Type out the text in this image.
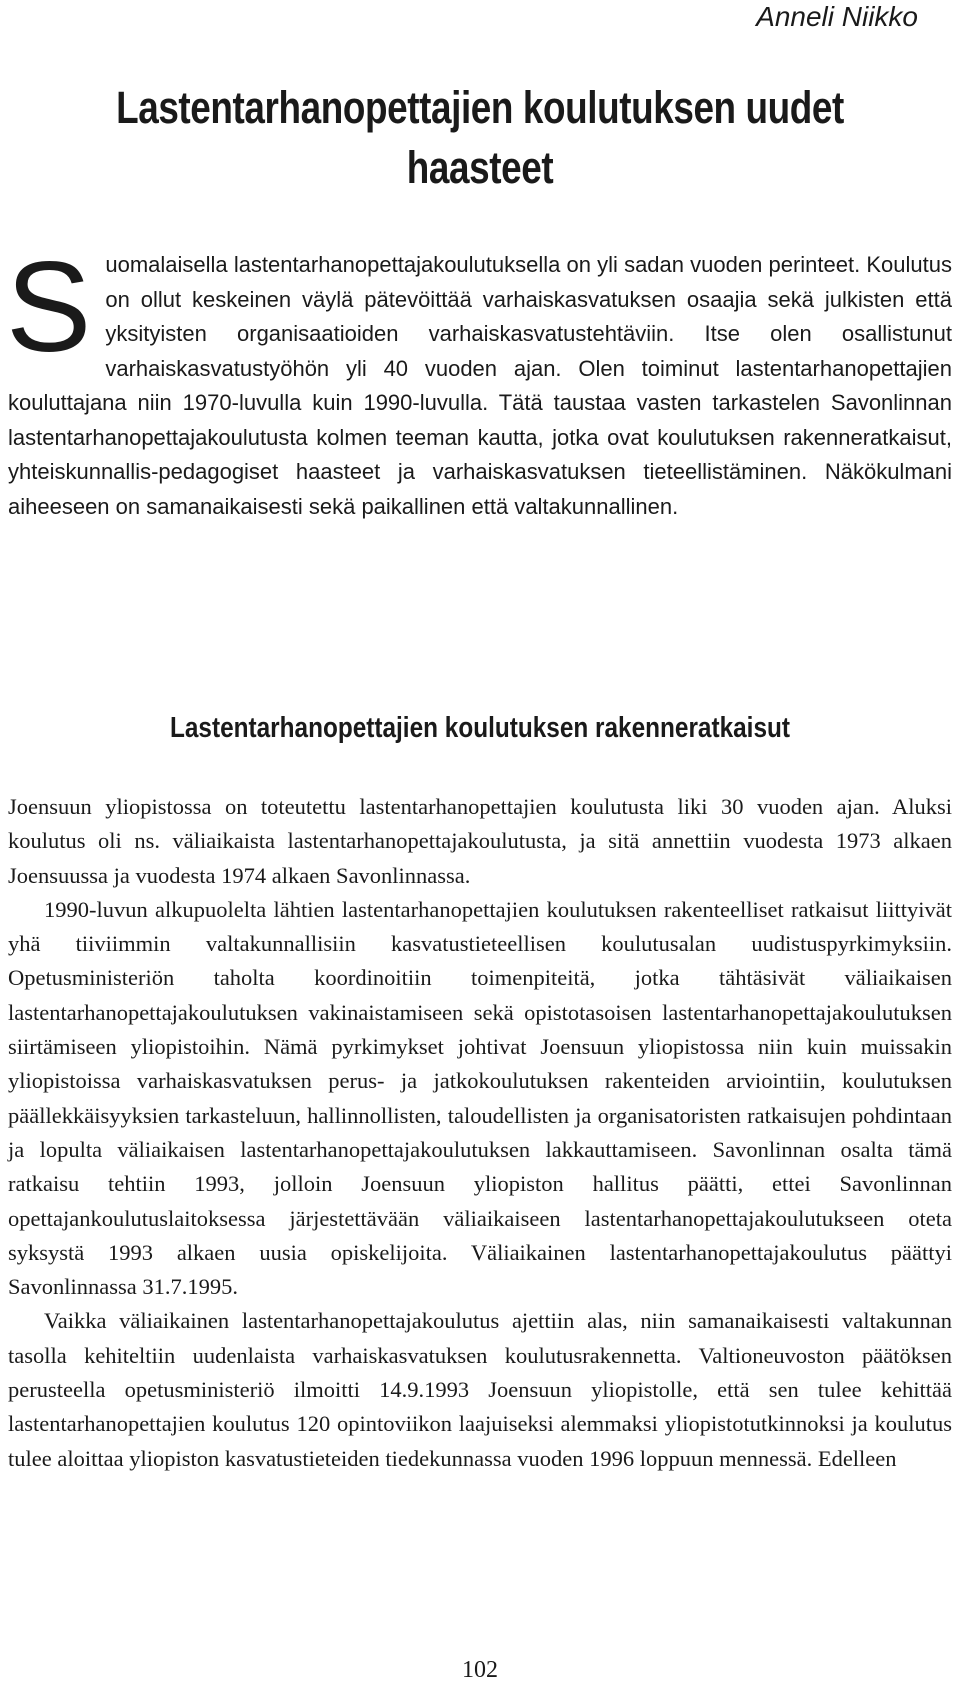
Anneli Niikko

Lastentarhanopettajien koulutuksen uudet haasteet

Suomalaisella lastentarhanopettajakoulutuksella on yli sadan vuoden perinteet. Koulutus on ollut keskeinen väylä pätevöittää varhaiskasvatuksen osaajia sekä julkisten että yksityisten organisaatioiden varhaiskasvatustehtäviin. Itse olen osallistunut varhaiskasvatustyöhön yli 40 vuoden ajan. Olen toiminut lastentarhanopettajien kouluttajana niin 1970-luvulla kuin 1990-luvulla. Tätä taustaa vasten tarkastelen Savonlinnan lastentarhanopettajakoulutusta kolmen teeman kautta, jotka ovat koulutuksen rakenneratkaisut, yhteiskunnallis-pedagogiset haasteet ja varhaiskasvatuksen tieteellistäminen. Näkökulmani aiheeseen on samanaikaisesti sekä paikallinen että valtakunnallinen.

Lastentarhanopettajien koulutuksen rakenneratkaisut

Joensuun yliopistossa on toteutettu lastentarhanopettajien koulutusta liki 30 vuoden ajan. Aluksi koulutus oli ns. väliaikaista lastentarhanopettajakoulutusta, ja sitä annettiin vuodesta 1973 alkaen Joensuussa ja vuodesta 1974 alkaen Savonlinnassa.

1990-luvun alkupuolelta lähtien lastentarhanopettajien koulutuksen rakenteelliset ratkaisut liittyivät yhä tiiviimmin valtakunnallisiin kasvatustieteellisen koulutusalan uudistuspyrkimyksiin. Opetusministeriön taholta koordinoitiin toimenpiteitä, jotka tähtäsivät väliaikaisen lastentarhanopettajakoulutuksen vakinaistamiseen sekä opistotasoisen lastentarhanopettajakoulutuksen siirtämiseen yliopistoihin. Nämä pyrkimykset johtivat Joensuun yliopistossa niin kuin muissakin yliopistoissa varhaiskasvatuksen perus- ja jatkokoulutuksen rakenteiden arviointiin, koulutuksen päällekkäisyyksien tarkasteluun, hallinnollisten, taloudellisten ja organisatoristen ratkaisujen pohdintaan ja lopulta väliaikaisen lastentarhanopettajakoulutuksen lakkauttamiseen. Savonlinnan osalta tämä ratkaisu tehtiin 1993, jolloin Joensuun yliopiston hallitus päätti, ettei Savonlinnan opettajankoulutuslaitoksessa järjestettävään väliaikaiseen lastentarhanopettajakoulutukseen oteta syksystä 1993 alkaen uusia opiskelijoita. Väliaikainen lastentarhanopettajakoulutus päättyi Savonlinnassa 31.7.1995.

Vaikka väliaikainen lastentarhanopettajakoulutus ajettiin alas, niin samanaikaisesti valtakunnan tasolla kehiteltiin uudenlaista varhaiskasvatuksen koulutusrakennetta. Valtioneuvoston päätöksen perusteella opetusministeriö ilmoitti 14.9.1993 Joensuun yliopistolle, että sen tulee kehittää lastentarhanopettajien koulutus 120 opintoviikon laajuiseksi alemmaksi yliopistotutkinnoksi ja koulutus tulee aloittaa yliopiston kasvatustieteiden tiedekunnassa vuoden 1996 loppuun mennessä. Edelleen

102
